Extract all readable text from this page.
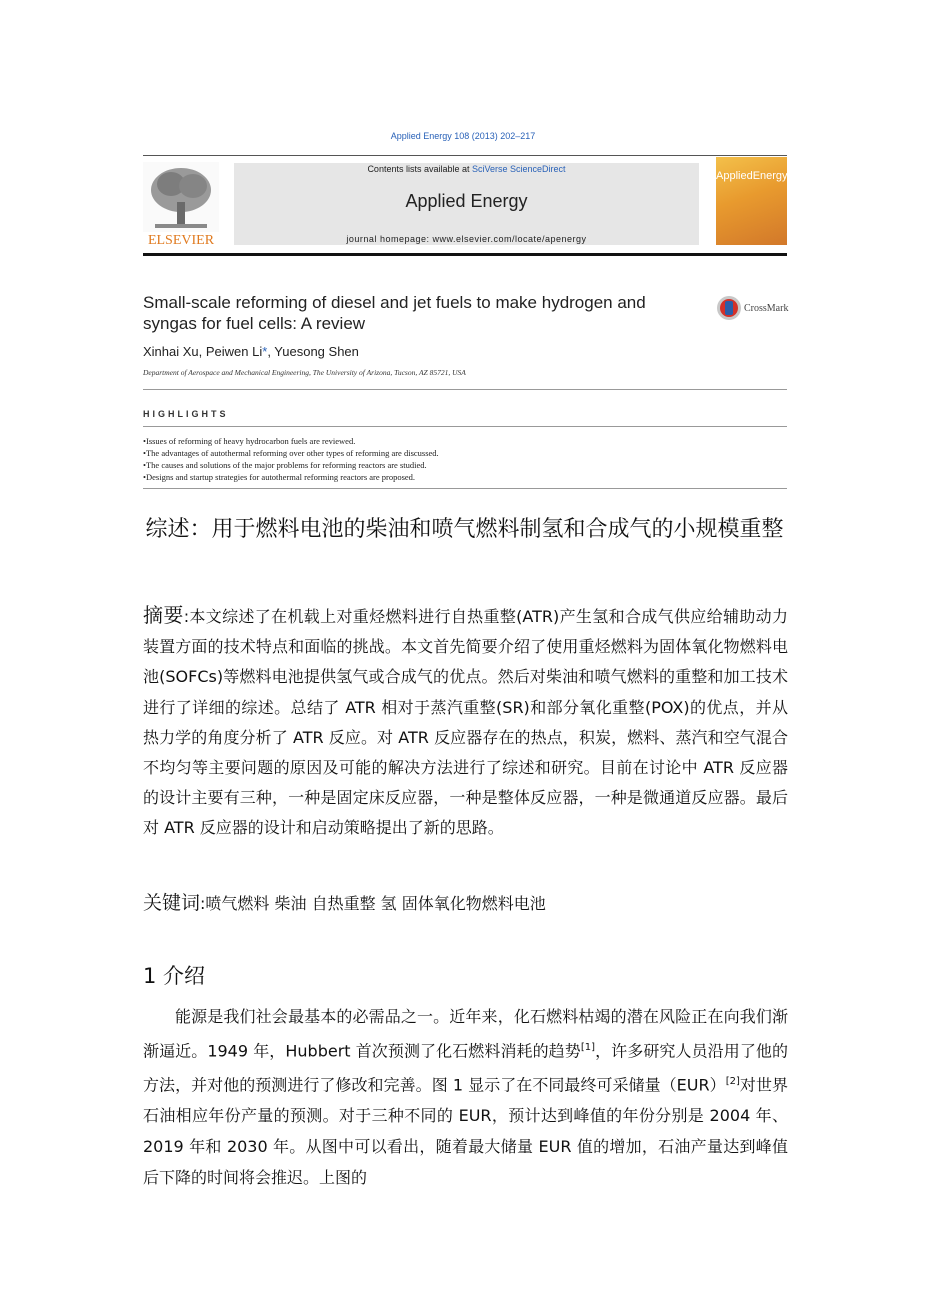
Applied Energy 108 (2013) 202–217
ELSEVIER
Contents lists available at SciVerse ScienceDirect
Applied Energy
journal homepage: www.elsevier.com/locate/apenergy
AppliedEnergy
Small-scale reforming of diesel and jet fuels to make hydrogen and syngas for fuel cells: A review
CrossMark
Xinhai Xu, Peiwen Li*, Yuesong Shen
Department of Aerospace and Mechanical Engineering, The University of Arizona, Tucson, AZ 85721, USA
HIGHLIGHTS
• Issues of reforming of heavy hydrocarbon fuels are reviewed.
• The advantages of autothermal reforming over other types of reforming are discussed.
• The causes and solutions of the major problems for reforming reactors are studied.
• Designs and startup strategies for autothermal reforming reactors are proposed.
综述：用于燃料电池的柴油和喷气燃料制氢和合成气的小规模重整
摘要:本文综述了在机载上对重烃燃料进行自热重整(ATR)产生氢和合成气供应给辅助动力装置方面的技术特点和面临的挑战。本文首先简要介绍了使用重烃燃料为固体氧化物燃料电池(SOFCs)等燃料电池提供氢气或合成气的优点。然后对柴油和喷气燃料的重整和加工技术进行了详细的综述。总结了 ATR 相对于蒸汽重整(SR)和部分氧化重整(POX)的优点，并从热力学的角度分析了 ATR 反应。对 ATR 反应器存在的热点，积炭，燃料、蒸汽和空气混合不均匀等主要问题的原因及可能的解决方法进行了综述和研究。目前在讨论中 ATR 反应器的设计主要有三种，一种是固定床反应器，一种是整体反应器，一种是微通道反应器。最后对 ATR 反应器的设计和启动策略提出了新的思路。
关键词:喷气燃料 柴油 自热重整 氢 固体氧化物燃料电池
1 介绍

能源是我们社会最基本的必需品之一。近年来，化石燃料枯竭的潜在风险正在向我们渐渐逼近。1949 年，Hubbert 首次预测了化石燃料消耗的趋势[1]，许多研究人员沿用了他的方法，并对他的预测进行了修改和完善。图 1 显示了在不同最终可采储量（EUR）[2]对世界石油相应年份产量的预测。对于三种不同的 EUR，预计达到峰值的年份分别是 2004 年、2019 年和 2030 年。从图中可以看出，随着最大储量 EUR 值的增加，石油产量达到峰值后下降的时间将会推迟。上图的
